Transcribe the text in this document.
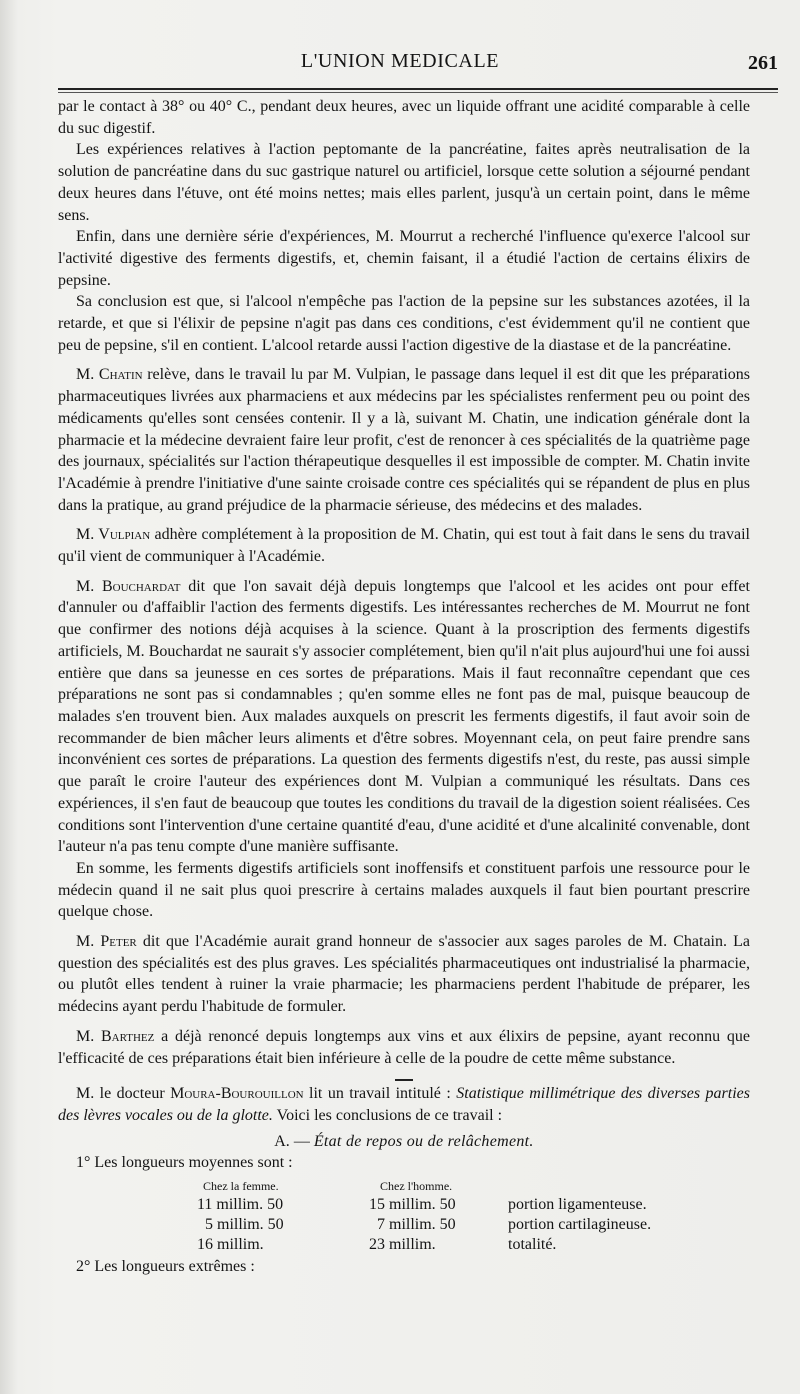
L'UNION MEDICALE	261

par le contact à 38° ou 40° C., pendant deux heures, avec un liquide offrant une acidité comparable à celle du suc digestif.

Les expériences relatives à l'action peptomante de la pancréatine, faites après neutralisation de la solution de pancréatine dans du suc gastrique naturel ou artificiel, lorsque cette solution a séjourné pendant deux heures dans l'étuve, ont été moins nettes; mais elles parlent, jusqu'à un certain point, dans le même sens.

Enfin, dans une dernière série d'expériences, M. Mourrut a recherché l'influence qu'exerce l'alcool sur l'activité digestive des ferments digestifs, et, chemin faisant, il a étudié l'action de certains élixirs de pepsine.

Sa conclusion est que, si l'alcool n'empêche pas l'action de la pepsine sur les substances azotées, il la retarde, et que si l'élixir de pepsine n'agit pas dans ces conditions, c'est évidemment qu'il ne contient que peu de pepsine, s'il en contient. L'alcool retarde aussi l'action digestive de la diastase et de la pancréatine.

M. Chatin relève, dans le travail lu par M. Vulpian, le passage dans lequel il est dit que les préparations pharmaceutiques livrées aux pharmaciens et aux médecins par les spécialistes renferment peu ou point des médicaments qu'elles sont censées contenir. Il y a là, suivant M. Chatin, une indication générale dont la pharmacie et la médecine devraient faire leur profit, c'est de renoncer à ces spécialités de la quatrième page des journaux, spécialités sur l'action thérapeutique desquelles il est impossible de compter. M. Chatin invite l'Académie à prendre l'initiative d'une sainte croisade contre ces spécialités qui se répandent de plus en plus dans la pratique, au grand préjudice de la pharmacie sérieuse, des médecins et des malades.

M. Vulpian adhère complétement à la proposition de M. Chatin, qui est tout à fait dans le sens du travail qu'il vient de communiquer à l'Académie.

M. Bouchardat dit que l'on savait déjà depuis longtemps que l'alcool et les acides ont pour effet d'annuler ou d'affaiblir l'action des ferments digestifs. Les intéressantes recherches de M. Mourrut ne font que confirmer des notions déjà acquises à la science. Quant à la proscription des ferments digestifs artificiels, M. Bouchardat ne saurait s'y associer complétement, bien qu'il n'ait plus aujourd'hui une foi aussi entière que dans sa jeunesse en ces sortes de préparations. Mais il faut reconnaître cependant que ces préparations ne sont pas si condamnables ; qu'en somme elles ne font pas de mal, puisque beaucoup de malades s'en trouvent bien. Aux malades auxquels on prescrit les ferments digestifs, il faut avoir soin de recommander de bien mâcher leurs aliments et d'être sobres. Moyennant cela, on peut faire prendre sans inconvénient ces sortes de préparations. La question des ferments digestifs n'est, du reste, pas aussi simple que paraît le croire l'auteur des expériences dont M. Vulpian a communiqué les résultats. Dans ces expériences, il s'en faut de beaucoup que toutes les conditions du travail de la digestion soient réalisées. Ces conditions sont l'intervention d'une certaine quantité d'eau, d'une acidité et d'une alcalinité convenable, dont l'auteur n'a pas tenu compte d'une manière suffisante.

En somme, les ferments digestifs artificiels sont inoffensifs et constituent parfois une ressource pour le médecin quand il ne sait plus quoi prescrire à certains malades auxquels il faut bien pourtant prescrire quelque chose.

M. Peter dit que l'Académie aurait grand honneur de s'associer aux sages paroles de M. Chatain. La question des spécialités est des plus graves. Les spécialités pharmaceutiques ont industrialisé la pharmacie, ou plutôt elles tendent à ruiner la vraie pharmacie; les pharmaciens perdent l'habitude de préparer, les médecins ayant perdu l'habitude de formuler.

M. Barthez a déjà renoncé depuis longtemps aux vins et aux élixirs de pepsine, ayant reconnu que l'efficacité de ces préparations était bien inférieure à celle de la poudre de cette même substance.

M. le docteur Moura-Bourouillon lit un travail intitulé : Statistique millimétrique des diverses parties des lèvres vocales ou de la glotte. Voici les conclusions de ce travail :

A. — État de repos ou de relâchement.

1° Les longueurs moyennes sont :

Chez la femme.	Chez l'homme.
11 millim. 50	15 millim. 50	portion ligamenteuse.
5 millim. 50	7 millim. 50	portion cartilagineuse.
16 millim.	23 millim.	totalité.
2° Les longueurs extrêmes :
